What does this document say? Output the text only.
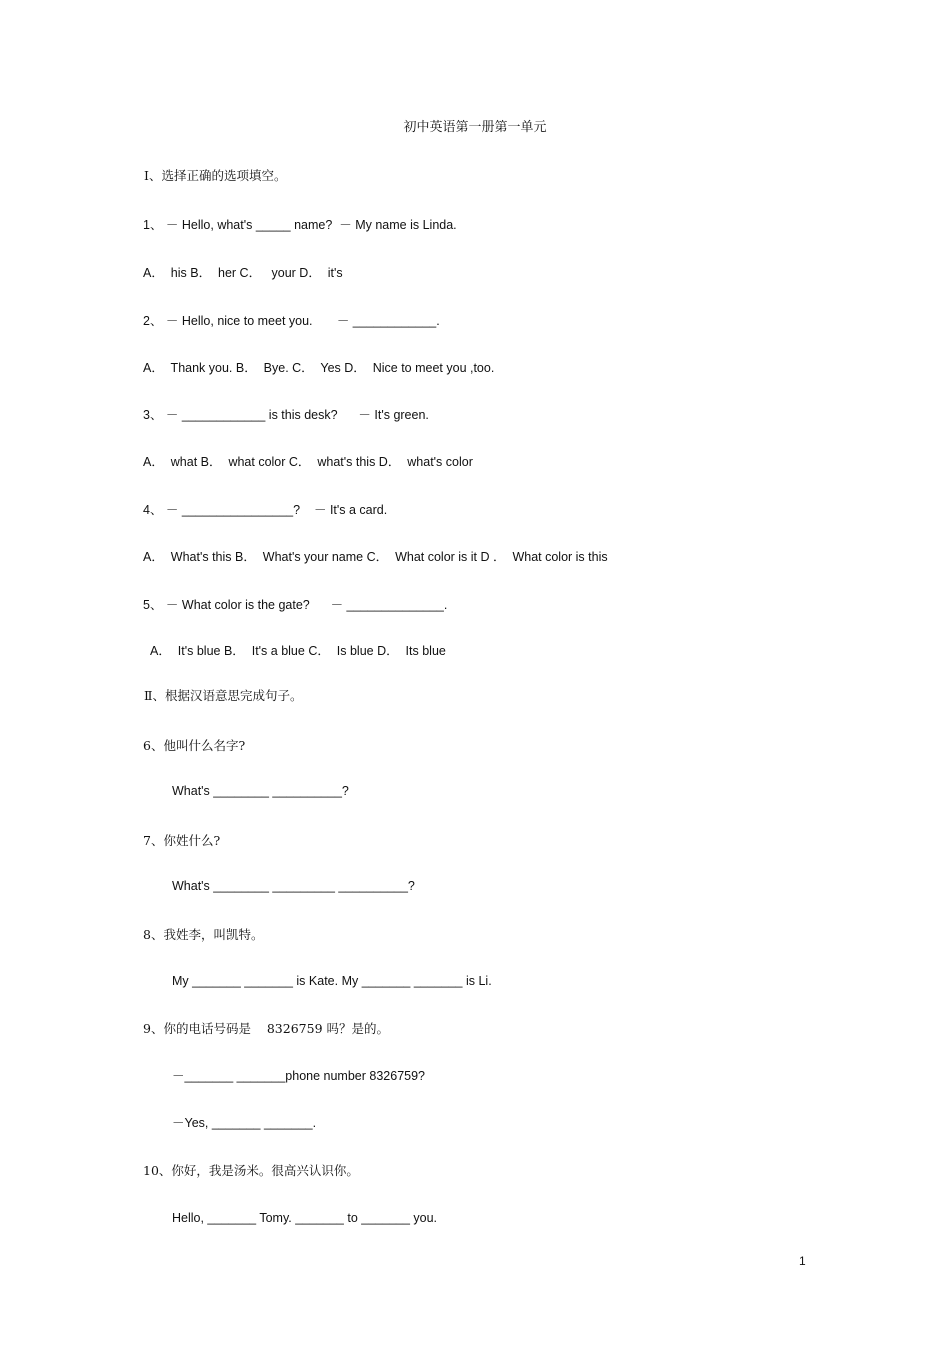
初中英语第一册第一单元
Ⅰ、选择正确的选项填空。
1、 － Hello, what's _____ name?  － My name is Linda.
A．  his B．  her C．   your D．  it's
2、 － Hello, nice to meet you.       － ____________.
A．  Thank you. B．  Bye. C．  Yes D．  Nice to meet you ,too.
3、 － ____________ is this desk?      － It's green.
A．  what B．  what color C．  what's this D．  what's color
4、 － ________________?    － It's a card.
A．  What's this B．  What's your name C．  What color is it D ．  What color is this
5、 － What color is the gate?      － ______________.
A．  It's blue B．  It's a blue C．  Is blue D．  Its blue
Ⅱ、根据汉语意思完成句子。
6、他叫什么名字?
What's ________ __________?
7、你姓什么?
What's ________ _________ __________?
8、我姓李，叫凯特。
My _______ _______ is Kate. My _______ _______ is Li.
9、你的电话号码是    8326759 吗？是的。
－_______ _______phone number 8326759?
－Yes, _______ _______.
10、你好，我是汤米。很高兴认识你。
Hello, _______ Tomy. _______ to _______ you.
1
